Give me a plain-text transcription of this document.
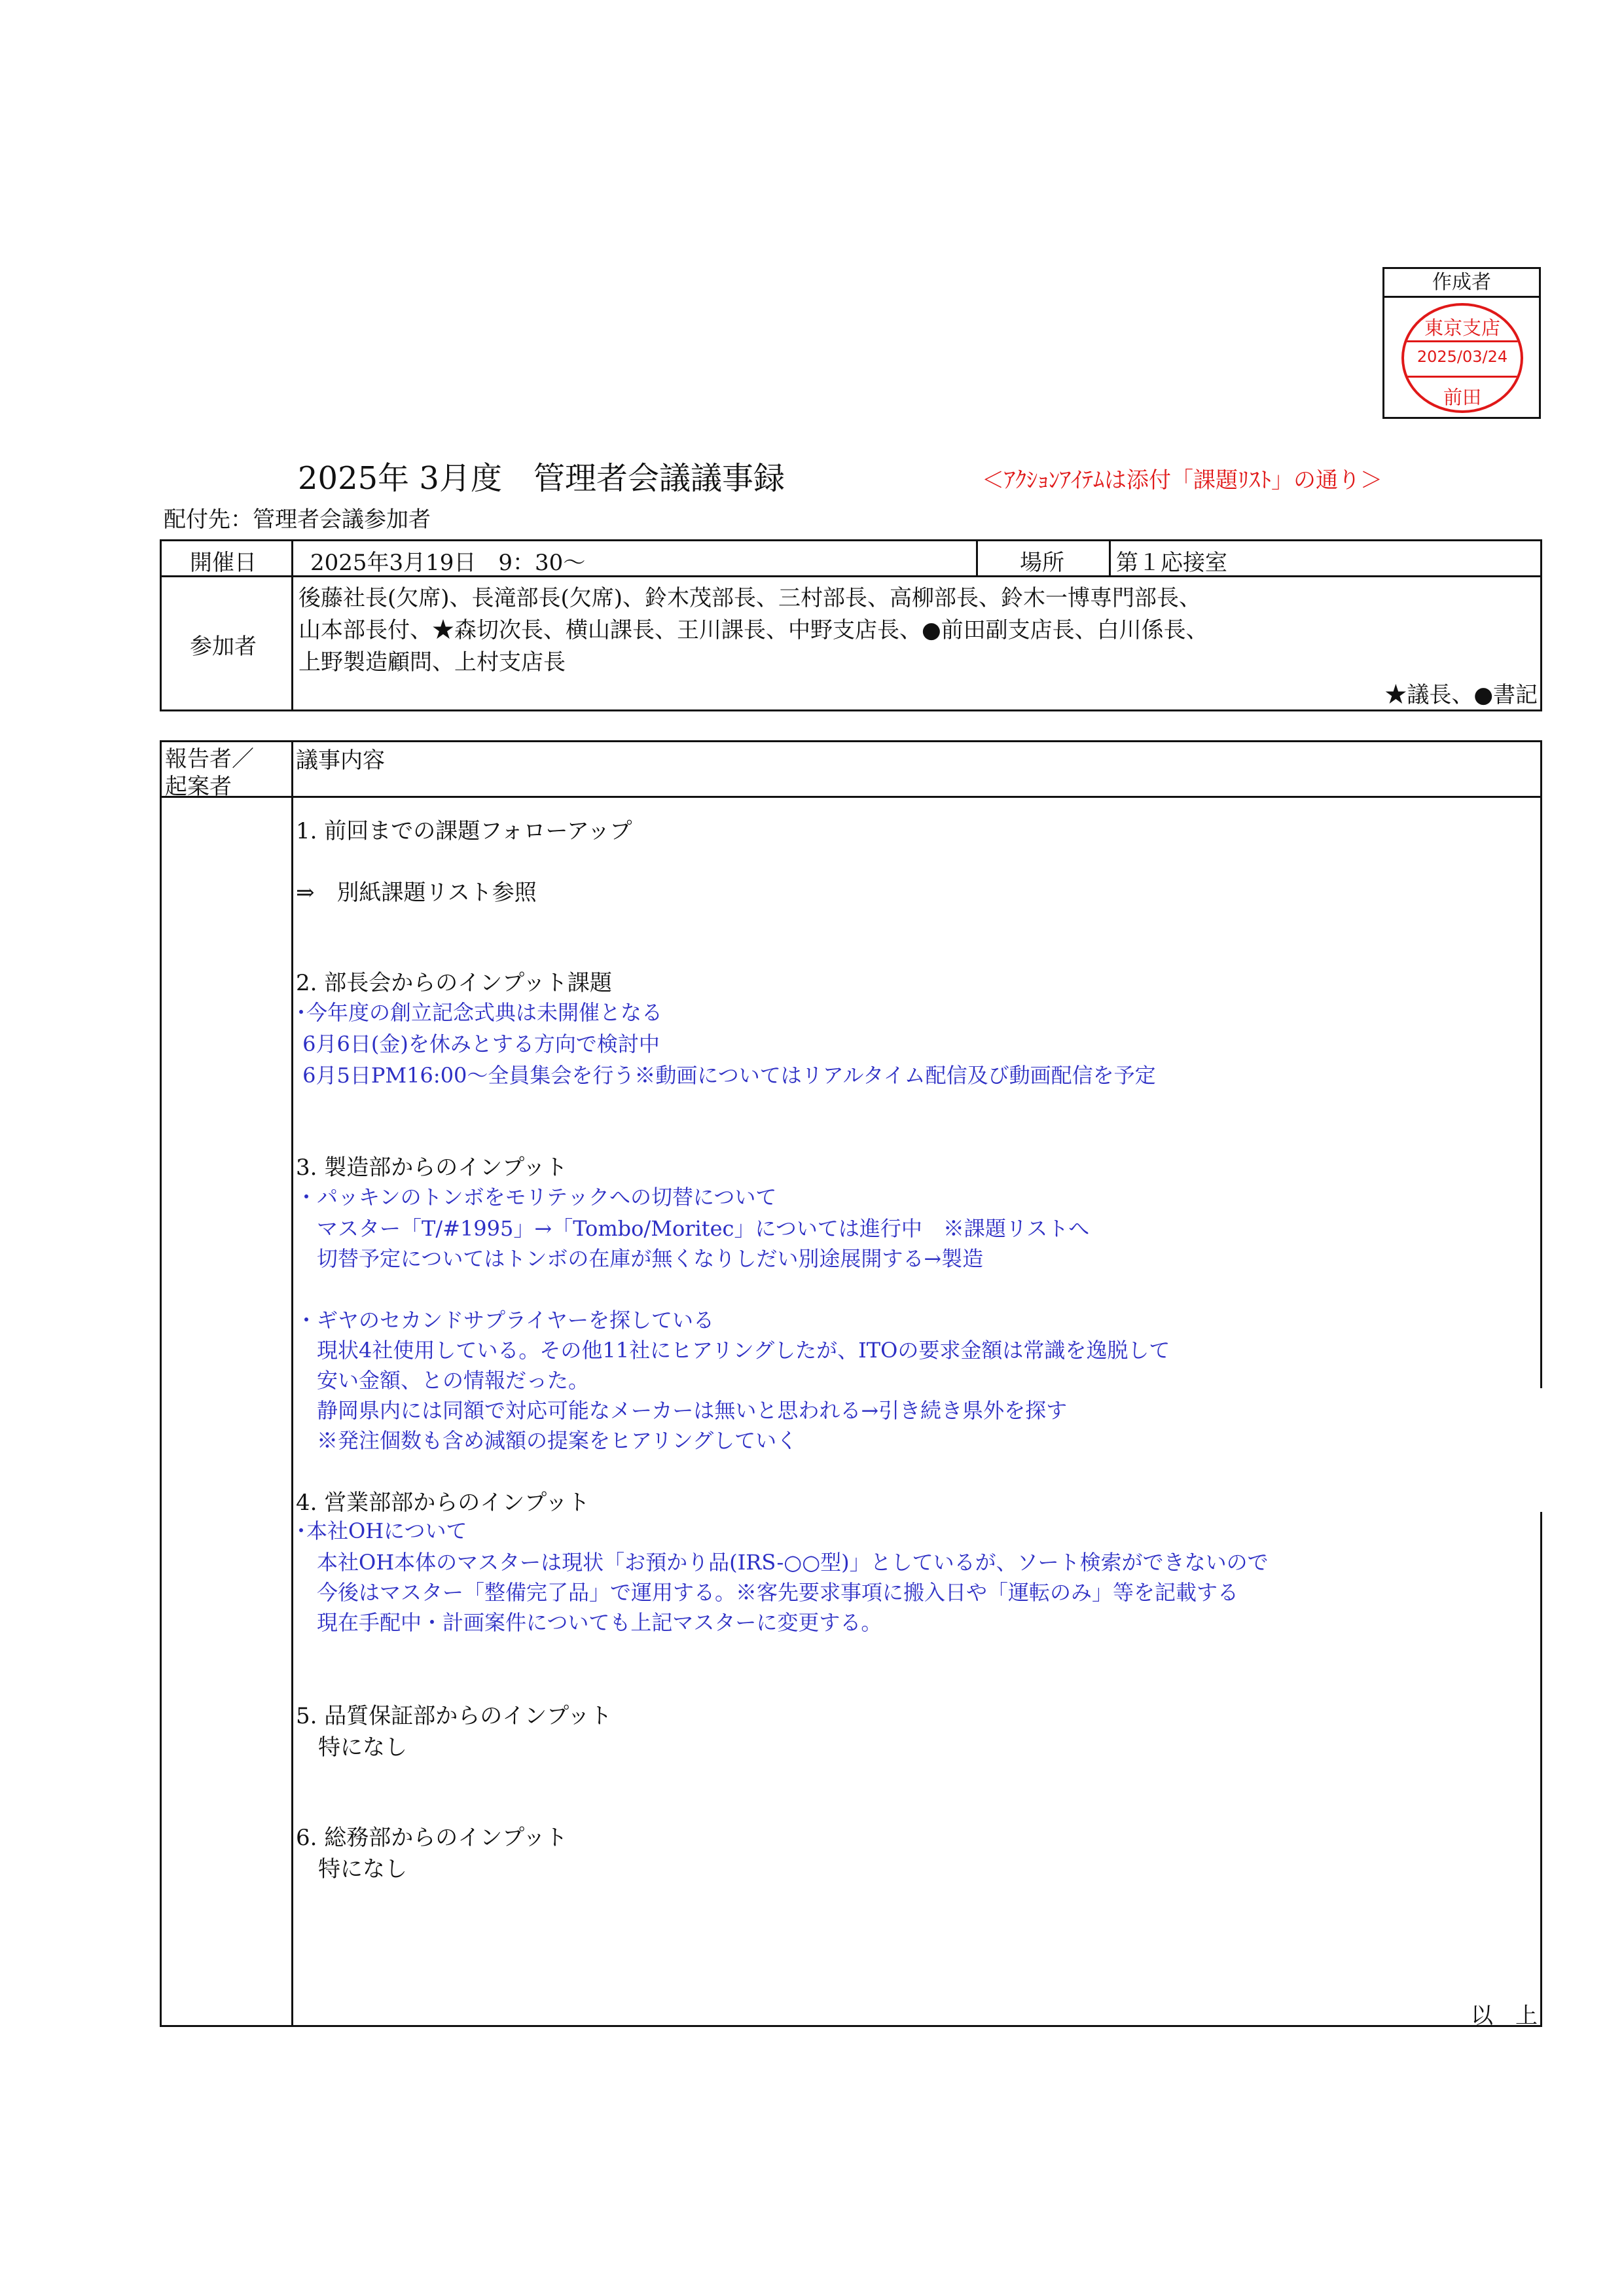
作成者
東京支店
2025/03/24
前田
2025年 3月度　管理者会議議事録	＜ｱｸｼｮﾝｱｲﾃﾑは添付「課題ﾘｽﾄ」の通り＞
配付先：管理者会議参加者
開催日 2025年3月19日　9：30～	場所 第１応接室
参加者
後藤社長(欠席)、長滝部長(欠席)、鈴木茂部長、三村部長、高柳部長、鈴木一博専門部長、
山本部長付、★森切次長、横山課長、王川課長、中野支店長、●前田副支店長、白川係長、
上野製造顧問、上村支店長
★議長、●書記
報告者／
起案者
議事内容
1. 前回までの課題フォローアップ
⇒　別紙課題リスト参照
2. 部長会からのインプット課題
･今年度の創立記念式典は未開催となる
6月6日(金)を休みとする方向で検討中
6月5日PM16:00～全員集会を行う※動画についてはリアルタイム配信及び動画配信を予定
3. 製造部からのインプット
・パッキンのトンボをモリテックへの切替について
　マスター「T/#1995」→「Tombo/Moritec」については進行中　※課題リストへ
　切替予定についてはトンボの在庫が無くなりしだい別途展開する→製造
・ギヤのセカンドサプライヤーを探している
　現状4社使用している。その他11社にヒアリングしたが、ITOの要求金額は常識を逸脱して
　安い金額、との情報だった。
　静岡県内には同額で対応可能なメーカーは無いと思われる→引き続き県外を探す
　※発注個数も含め減額の提案をヒアリングしていく
4. 営業部部からのインプット
･本社OHについて
　本社OH本体のマスターは現状「お預かり品(IRS-○○型)」としているが、ソート検索ができないので
　今後はマスター「整備完了品」で運用する。※客先要求事項に搬入日や「運転のみ」等を記載する
　現在手配中・計画案件についても上記マスターに変更する。
5. 品質保証部からのインプット
　特になし
6. 総務部からのインプット
　特になし
以　上
